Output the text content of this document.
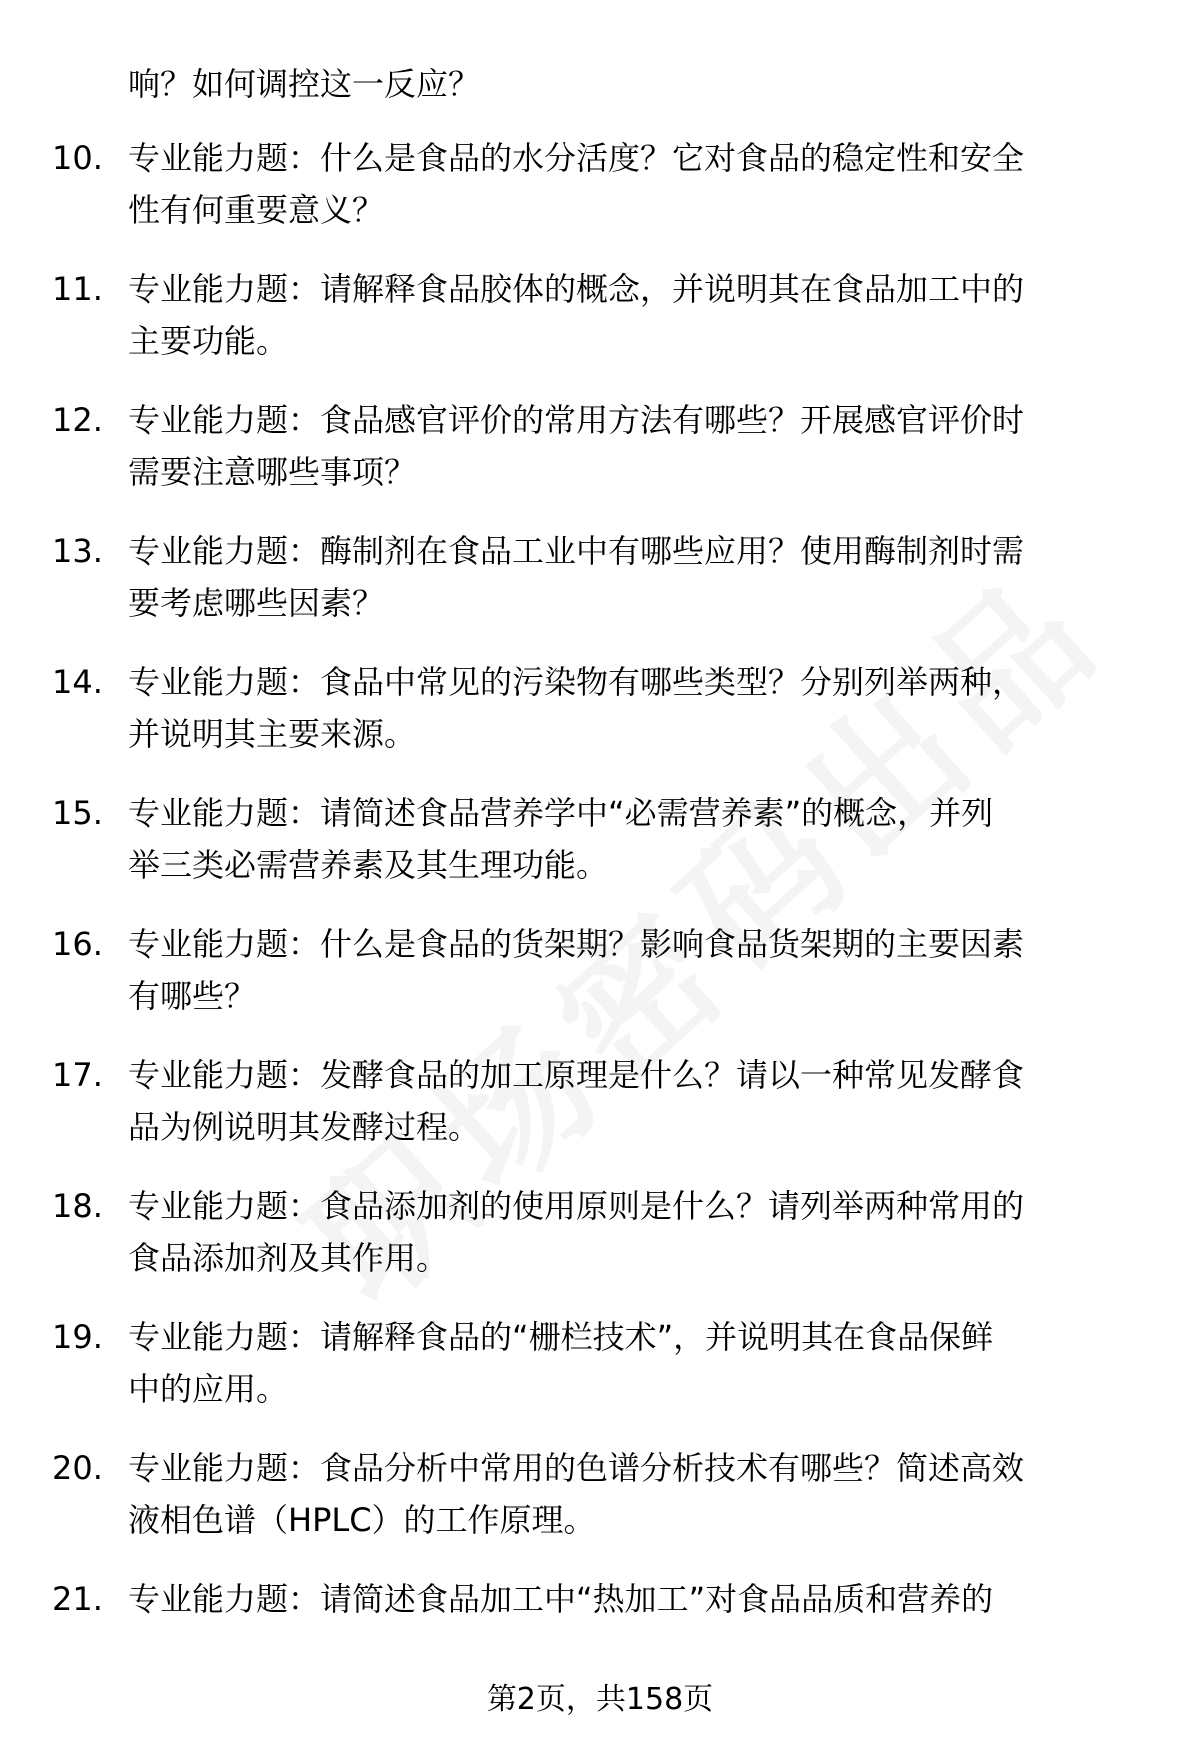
响？如何调控这一反应？
10. 专业能力题：什么是食品的水分活度？它对食品的稳定性和安全
性有何重要意义？
11. 专业能力题：请解释食品胶体的概念，并说明其在食品加工中的
主要功能。
12. 专业能力题：食品感官评价的常用方法有哪些？开展感官评价时
需要注意哪些事项？
13. 专业能力题：酶制剂在食品工业中有哪些应用？使用酶制剂时需
要考虑哪些因素？
14. 专业能力题：食品中常见的污染物有哪些类型？分别列举两种，
并说明其主要来源。
15. 专业能力题：请简述食品营养学中“必需营养素”的概念，并列
举三类必需营养素及其生理功能。
16. 专业能力题：什么是食品的货架期？影响食品货架期的主要因素
有哪些？
17. 专业能力题：发酵食品的加工原理是什么？请以一种常见发酵食
品为例说明其发酵过程。
18. 专业能力题：食品添加剂的使用原则是什么？请列举两种常用的
食品添加剂及其作用。
19. 专业能力题：请解释食品的“栅栏技术”，并说明其在食品保鲜
中的应用。
20. 专业能力题：食品分析中常用的色谱分析技术有哪些？简述高效
液相色谱（HPLC）的工作原理。
21. 专业能力题：请简述食品加工中“热加工”对食品品质和营养的
第2页，共158页
